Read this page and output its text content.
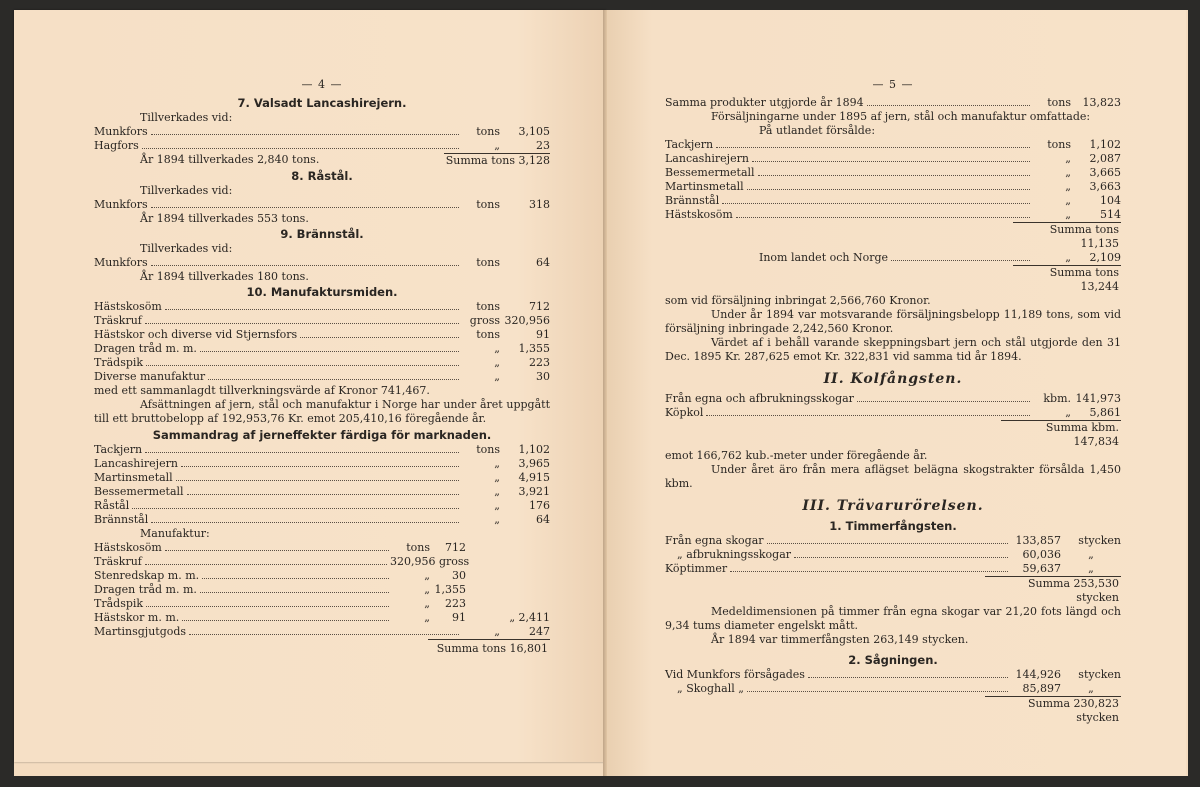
— 4 —
7. Valsadt Lancashirejern.
Tillverkades vid:
Munkfors	tons	3,105
Hagfors	„	23
År 1894 tillverkades 2,840 tons.	Summa tons 3,128
8. Råstål.
Tillverkades vid:
Munkfors	tons	318
År 1894 tillverkades 553 tons.
9. Brännstål.
Tillverkades vid:
Munkfors	tons	64
År 1894 tillverkades 180 tons.
10. Manufaktursmiden.
Hästskosöm	tons	712
Träskruf	gross 320,956
Hästskor och diverse vid Stjernsfors	tons	91
Dragen tråd m. m.	„	1,355
Trädspik	„	223
Diverse manufaktur	„	30
med ett sammanlagdt tillverkningsvärde af Kronor 741,467.
Afsättningen af jern, stål och manufaktur i Norge har under året uppgått till ett bruttobelopp af 192,953,76 Kr. emot 205,410,16 föregående år.
Sammandrag af jerneffekter färdiga för marknaden.
Tackjern	tons	1,102
Lancashirejern	„	3,965
Martinsmetall	„	4,915
Bessemermetall	„	3,921
Råstål	„	176
Brännstål	„	64
Manufaktur:
Hästskosöm	tons	712
Träskruf	320,956 gross
Stenredskap m. m.	„	30
Dragen tråd m. m.	„ 1,355
Trådspik	„	223
Hästskor m. m.	„	91	„ 2,411
Martinsgjutgods	„	247
Summa tons 16,801
— 5 —
Samma produkter utgjorde år 1894	tons	13,823
Försäljningarne under 1895 af jern, stål och manufaktur omfattade:
På utlandet försålde:
Tackjern	tons	1,102
Lancashirejern	„	2,087
Bessemermetall	„	3,665
Martinsmetall	„	3,663
Brännstål	„	104
Hästskosöm	„	514
Summa tons 11,135
Inom landet och Norge	„	2,109
Summa tons 13,244
som vid försäljning inbringat 2,566,760 Kronor.
Under år 1894 var motsvarande försäljningsbelopp 11,189 tons, som vid försäljning inbringade 2,242,560 Kronor.
Värdet af i behåll varande skeppningsbart jern och stål utgjorde den 31 Dec. 1895 Kr. 287,625 emot Kr. 322,831 vid samma tid år 1894.
II. Kolfångsten.
Från egna och afbrukningsskogar	kbm. 141,973
Köpkol	„	5,861
Summa kbm. 147,834
emot 166,762 kub.-meter under föregående år.
Under året äro från mera aflägset belägna skogstrakter försålda 1,450 kbm.
III. Trävarurörelsen.
1. Timmerfångsten.
Från egna skogar	133,857	stycken
„ afbrukningsskogar	60,036	„
Köptimmer	59,637	„
Summa 253,530 stycken
Medeldimensionen på timmer från egna skogar var 21,20 fots längd och 9,34 tums diameter engelskt mått.
År 1894 var timmerfångsten 263,149 stycken.
2. Sågningen.
Vid Munkfors försågades	144,926	stycken
„ Skoghall „	85,897	„
Summa 230,823 stycken
